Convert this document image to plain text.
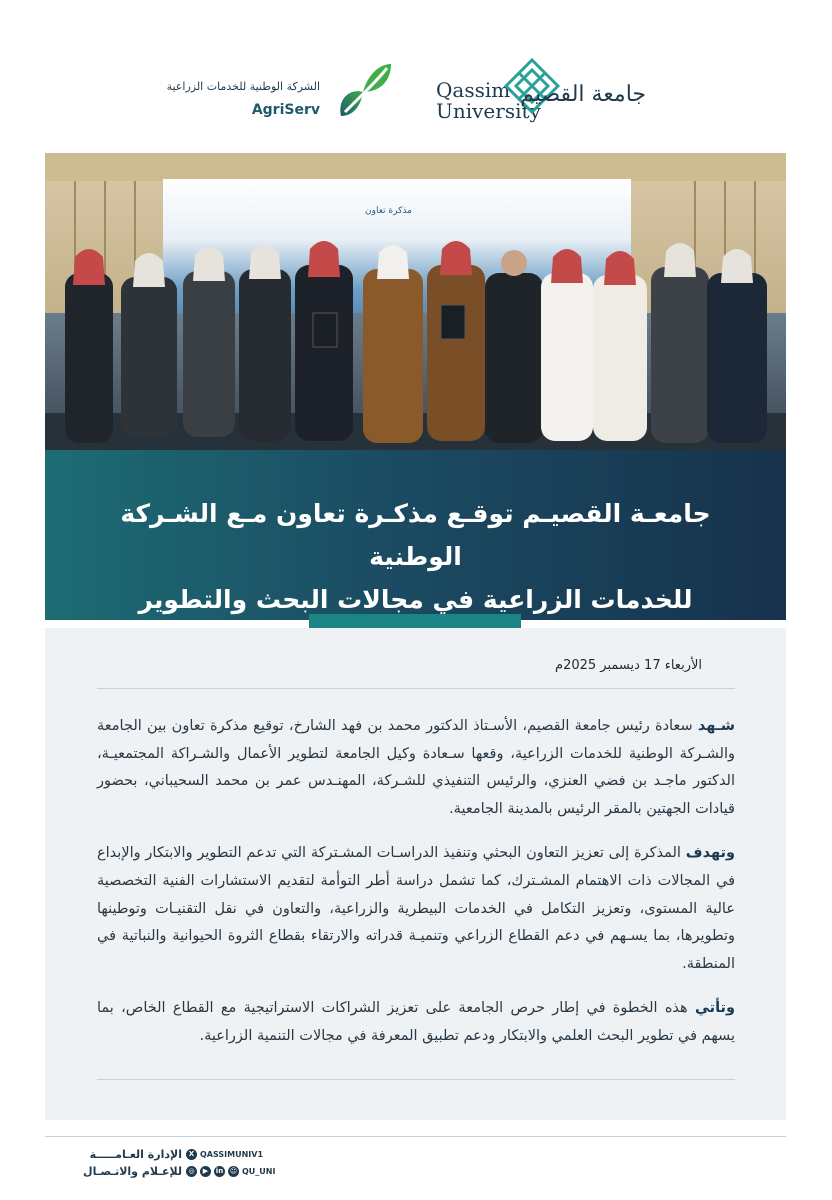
الشركة الوطنية للخدمات الزراعية
AgriServ
Qassim
University
جامعة القصيم
مذكرة تعاون
جامعـة القصيـم توقـع مذكـرة تعاون مـع الشـركة الوطنية
للخدمات الزراعية في مجالات البحث والتطوير
الأربعاء 17 ديسمبر 2025م

شـهد سعادة رئيس جامعة القصيم، الأسـتاذ الدكتور محمد بن فهد الشارخ، توقيع مذكرة تعاون بين الجامعة والشـركة الوطنية للخدمات الزراعية، وقعها سـعادة وكيل الجامعة لتطوير الأعمال والشـراكة المجتمعيـة، الدكتور ماجـد بن فضي العنزي، والرئيس التنفيذي للشـركة، المهنـدس عمر بن محمد السحيباني، بحضور قيادات الجهتين بالمقر الرئيس بالمدينة الجامعية.

وتهدف المذكرة إلى تعزيز التعاون البحثي وتنفيذ الدراسـات المشـتركة التي تدعم التطوير والابتكار والإبداع في المجالات ذات الاهتمام المشـترك، كما تشمل دراسة أطر التوأمة لتقديم الاستشارات الفنية التخصصية عالية المستوى، وتعزيز التكامل في الخدمات البيطرية والزراعية، والتعاون في نقل التقنيـات وتوطينها وتطويرها، بما يسـهم في دعم القطاع الزراعي وتنميـة قدراته والارتقاء بقطاع الثروة الحيوانية والنباتية في المنطقة.

وتأتي هذه الخطوة في إطار حرص الجامعة على تعزيز الشراكات الاستراتيجية مع القطاع الخاص، بما يسهم في تطوير البحث العلمي والابتكار ودعم تطبيق المعرفة في مجالات التنمية الزراعية.

الإدارة العـامـــــة
للإعـلام والاتـصـال
X QASSIMUNIV1
◎	▶	in ☺ QU_UNI
